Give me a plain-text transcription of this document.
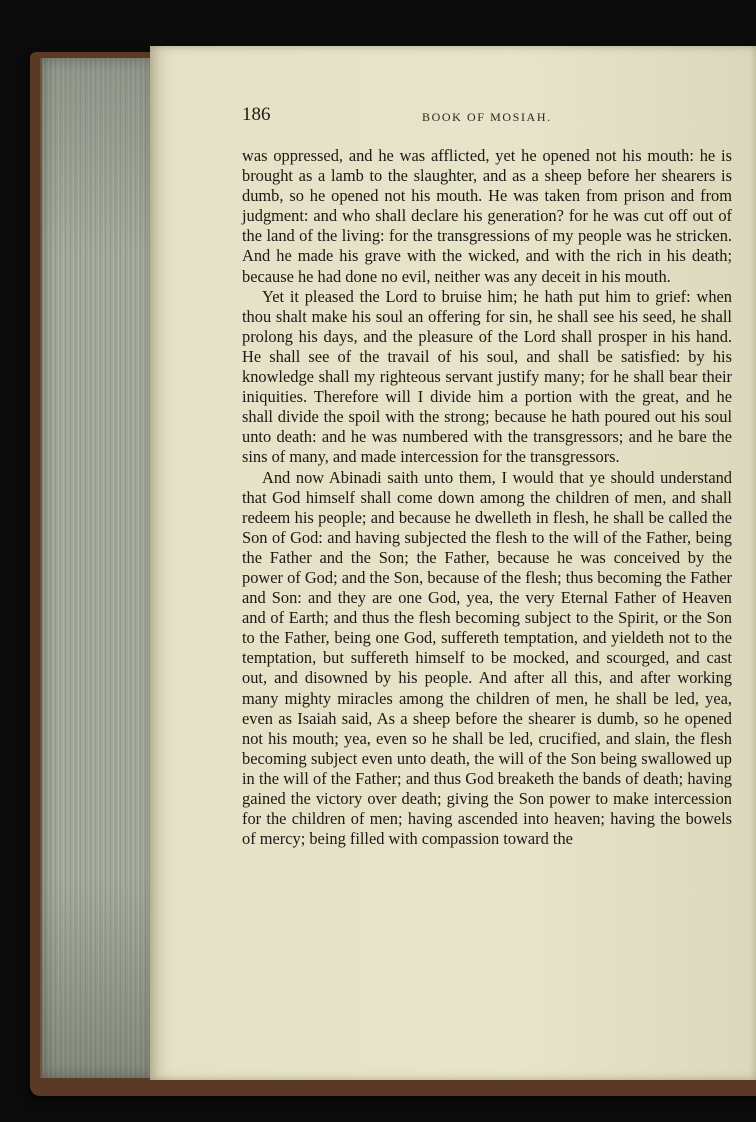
186	BOOK OF MOSIAH.

was oppressed, and he was afflicted, yet he opened not his mouth: he is brought as a lamb to the slaughter, and as a sheep before her shearers is dumb, so he opened not his mouth. He was taken from prison and from judgment: and who shall declare his generation? for he was cut off out of the land of the living: for the transgressions of my people was he stricken. And he made his grave with the wicked, and with the rich in his death; because he had done no evil, neither was any deceit in his mouth.

Yet it pleased the Lord to bruise him; he hath put him to grief: when thou shalt make his soul an offering for sin, he shall see his seed, he shall prolong his days, and the pleasure of the Lord shall prosper in his hand. He shall see of the travail of his soul, and shall be satisfied: by his knowledge shall my righteous servant justify many; for he shall bear their iniquities. Therefore will I divide him a portion with the great, and he shall divide the spoil with the strong; because he hath poured out his soul unto death: and he was numbered with the transgressors; and he bare the sins of many, and made intercession for the transgressors.

And now Abinadi saith unto them, I would that ye should understand that God himself shall come down among the children of men, and shall redeem his people; and because he dwelleth in flesh, he shall be called the Son of God: and having subjected the flesh to the will of the Father, being the Father and the Son; the Father, because he was conceived by the power of God; and the Son, because of the flesh; thus becoming the Father and Son: and they are one God, yea, the very Eternal Father of Heaven and of Earth; and thus the flesh becoming subject to the Spirit, or the Son to the Father, being one God, suffereth temptation, and yieldeth not to the temptation, but suffereth himself to be mocked, and scourged, and cast out, and disowned by his people. And after all this, and after working many mighty miracles among the children of men, he shall be led, yea, even as Isaiah said, As a sheep before the shearer is dumb, so he opened not his mouth; yea, even so he shall be led, crucified, and slain, the flesh becoming subject even unto death, the will of the Son being swallowed up in the will of the Father; and thus God breaketh the bands of death; having gained the victory over death; giving the Son power to make intercession for the children of men; having ascended into heaven; having the bowels of mercy; being filled with compassion toward the
